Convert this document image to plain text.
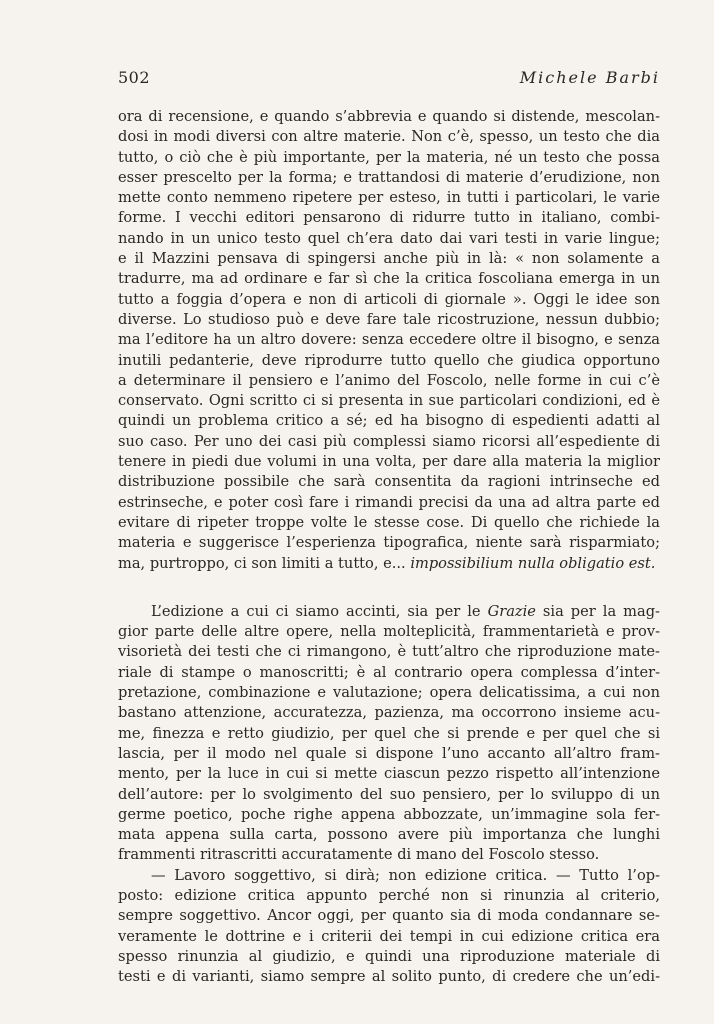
502	Michele Barbi

ora di recensione, e quando s’abbrevia e quando si distende, mescolan-

dosi in modi diversi con altre materie. Non c’è, spesso, un testo che dia

tutto, o ciò che è più importante, per la materia, né un testo che possa

esser prescelto per la forma; e trattandosi di materie d’erudizione, non

mette conto nemmeno ripetere per esteso, in tutti i particolari, le varie

forme. I vecchi editori pensarono di ridurre tutto in italiano, combi-

nando in un unico testo quel ch’era dato dai vari testi in varie lingue;

e il Mazzini pensava di spingersi anche più in là: « non solamente a

tradurre, ma ad ordinare e far sì che la critica foscoliana emerga in un

tutto a foggia d’opera e non di articoli di giornale ». Oggi le idee son

diverse. Lo studioso può e deve fare tale ricostruzione, nessun dubbio;

ma l’editore ha un altro dovere: senza eccedere oltre il bisogno, e senza

inutili pedanterie, deve riprodurre tutto quello che giudica opportuno

a determinare il pensiero e l’animo del Foscolo, nelle forme in cui c’è

conservato. Ogni scritto ci si presenta in sue particolari condizioni, ed è

quindi un problema critico a sé; ed ha bisogno di espedienti adatti al

suo caso. Per uno dei casi più complessi siamo ricorsi all’espediente di

tenere in piedi due volumi in una volta, per dare alla materia la miglior

distribuzione possibile che sarà consentita da ragioni intrinseche ed

estrinseche, e poter così fare i rimandi precisi da una ad altra parte ed

evitare di ripeter troppe volte le stesse cose. Di quello che richiede la

materia e suggerisce l’esperienza tipografica, niente sarà risparmiato;

ma, purtroppo, ci son limiti a tutto, e... impossibilium nulla obligatio est.

L’edizione a cui ci siamo accinti, sia per le Grazie sia per la mag-

gior parte delle altre opere, nella molteplicità, frammentarietà e prov-

visorietà dei testi che ci rimangono, è tutt’altro che riproduzione mate-

riale di stampe o manoscritti; è al contrario opera complessa d’inter-

pretazione, combinazione e valutazione; opera delicatissima, a cui non

bastano attenzione, accuratezza, pazienza, ma occorrono insieme acu-

me, finezza e retto giudizio, per quel che si prende e per quel che si

lascia, per il modo nel quale si dispone l’uno accanto all’altro fram-

mento, per la luce in cui si mette ciascun pezzo rispetto all’intenzione

dell’autore: per lo svolgimento del suo pensiero, per lo sviluppo di un

germe poetico, poche righe appena abbozzate, un’immagine sola fer-

mata appena sulla carta, possono avere più importanza che lunghi

frammenti ritrascritti accuratamente di mano del Foscolo stesso.

— Lavoro soggettivo, si dirà; non edizione critica. — Tutto l’op-

posto: edizione critica appunto perché non si rinunzia al criterio,

sempre soggettivo. Ancor oggi, per quanto sia di moda condannare se-

veramente le dottrine e i criterii dei tempi in cui edizione critica era

spesso rinunzia al giudizio, e quindi una riproduzione materiale di

testi e di varianti, siamo sempre al solito punto, di credere che un’edi-
